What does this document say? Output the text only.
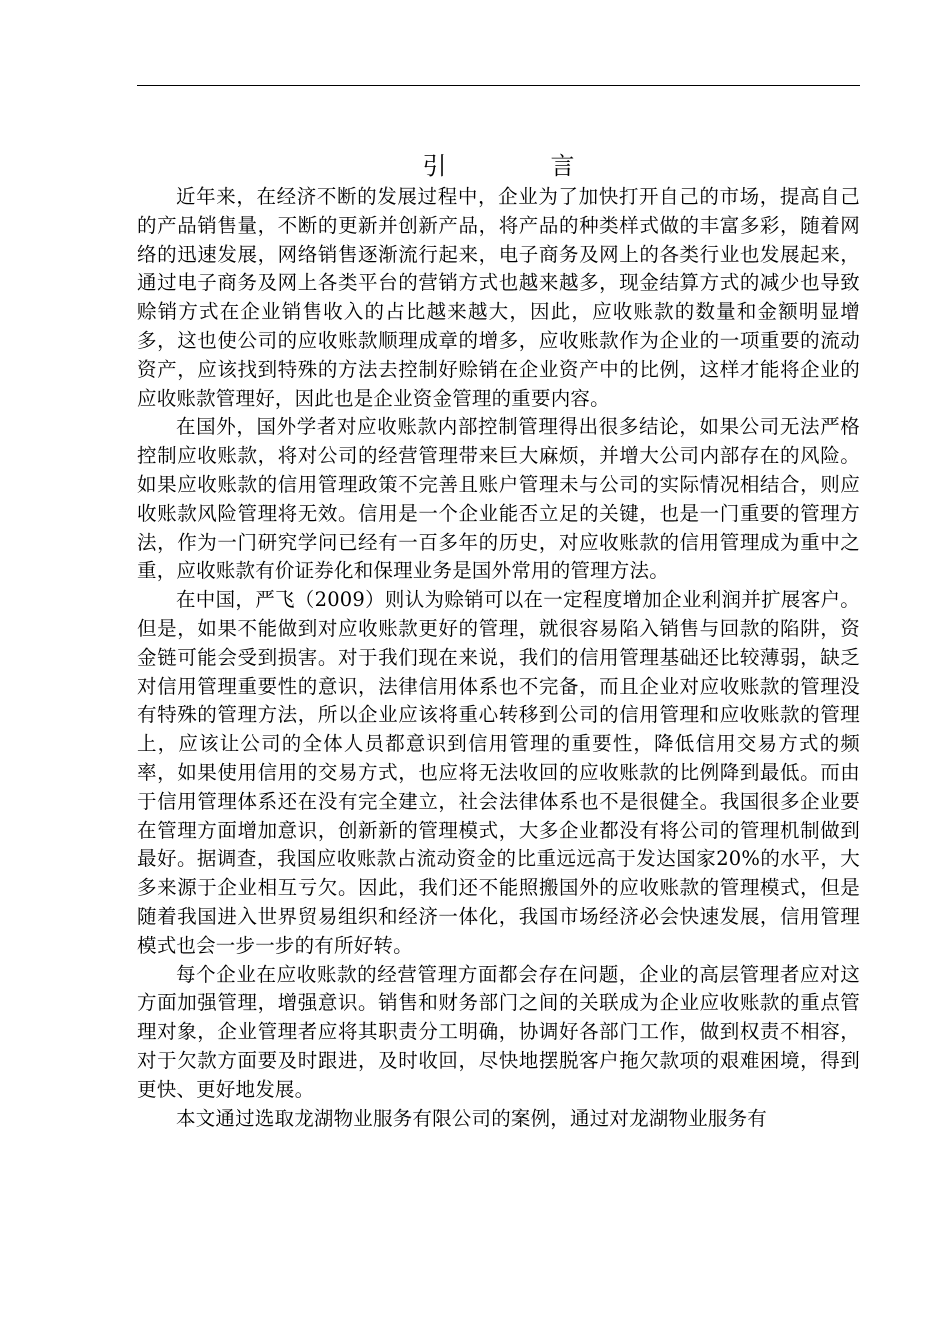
引　言

近年来，在经济不断的发展过程中，企业为了加快打开自己的市场，提高自己的产品销售量，不断的更新并创新产品，将产品的种类样式做的丰富多彩，随着网络的迅速发展，网络销售逐渐流行起来，电子商务及网上的各类行业也发展起来，通过电子商务及网上各类平台的营销方式也越来越多，现金结算方式的减少也导致赊销方式在企业销售收入的占比越来越大，因此，应收账款的数量和金额明显增多，这也使公司的应收账款顺理成章的增多，应收账款作为企业的一项重要的流动资产，应该找到特殊的方法去控制好赊销在企业资产中的比例，这样才能将企业的应收账款管理好，因此也是企业资金管理的重要内容。

在国外，国外学者对应收账款内部控制管理得出很多结论，如果公司无法严格控制应收账款，将对公司的经营管理带来巨大麻烦，并增大公司内部存在的风险。如果应收账款的信用管理政策不完善且账户管理未与公司的实际情况相结合，则应收账款风险管理将无效。信用是一个企业能否立足的关键，也是一门重要的管理方法，作为一门研究学问已经有一百多年的历史，对应收账款的信用管理成为重中之重，应收账款有价证券化和保理业务是国外常用的管理方法。

在中国，严飞（2009）则认为赊销可以在一定程度增加企业利润并扩展客户。但是，如果不能做到对应收账款更好的管理，就很容易陷入销售与回款的陷阱，资金链可能会受到损害。对于我们现在来说，我们的信用管理基础还比较薄弱，缺乏对信用管理重要性的意识，法律信用体系也不完备，而且企业对应收账款的管理没有特殊的管理方法，所以企业应该将重心转移到公司的信用管理和应收账款的管理上，应该让公司的全体人员都意识到信用管理的重要性，降低信用交易方式的频率，如果使用信用的交易方式，也应将无法收回的应收账款的比例降到最低。而由于信用管理体系还在没有完全建立，社会法律体系也不是很健全。我国很多企业要在管理方面增加意识，创新新的管理模式，大多企业都没有将公司的管理机制做到最好。据调查，我国应收账款占流动资金的比重远远高于发达国家20%的水平，大多来源于企业相互亏欠。因此，我们还不能照搬国外的应收账款的管理模式，但是随着我国进入世界贸易组织和经济一体化，我国市场经济必会快速发展，信用管理模式也会一步一步的有所好转。

每个企业在应收账款的经营管理方面都会存在问题，企业的高层管理者应对这方面加强管理，增强意识。销售和财务部门之间的关联成为企业应收账款的重点管理对象，企业管理者应将其职责分工明确，协调好各部门工作，做到权责不相容，对于欠款方面要及时跟进，及时收回，尽快地摆脱客户拖欠款项的艰难困境，得到更快、更好地发展。

本文通过选取龙湖物业服务有限公司的案例，通过对龙湖物业服务有
